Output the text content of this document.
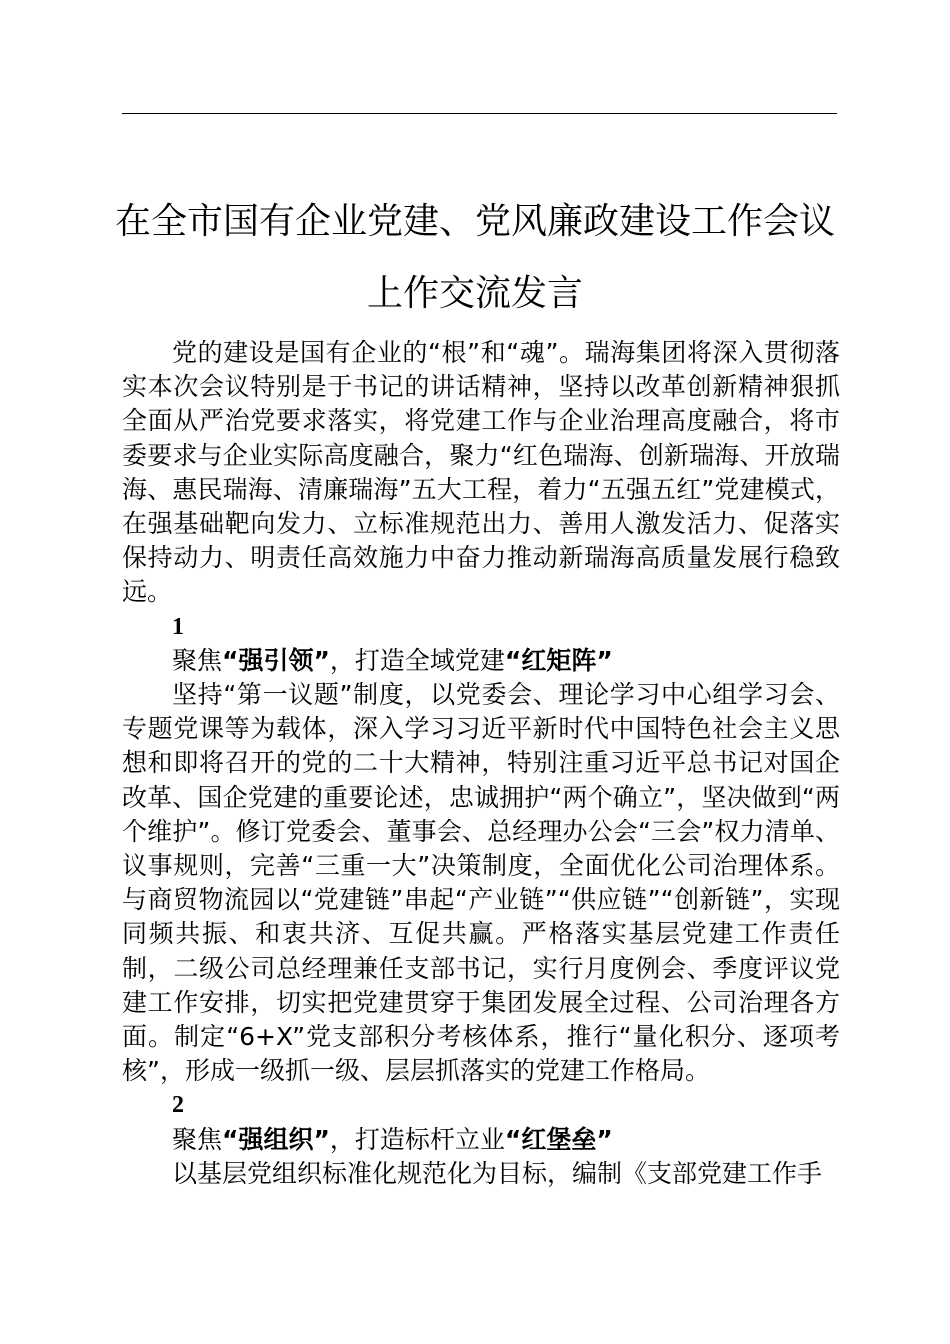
在全市国有企业党建、党风廉政建设工作会议
上作交流发言

党的建设是国有企业的“根”和“魂”。瑞海集团将深入贯彻落实本次会议特别是于书记的讲话精神，坚持以改革创新精神狠抓全面从严治党要求落实，将党建工作与企业治理高度融合，将市委要求与企业实际高度融合，聚力“红色瑞海、创新瑞海、开放瑞海、惠民瑞海、清廉瑞海”五大工程，着力“五强五红”党建模式，在强基础靶向发力、立标准规范出力、善用人激发活力、促落实保持动力、明责任高效施力中奋力推动新瑞海高质量发展行稳致远。

1

聚焦“强引领”，打造全域党建“红矩阵”

坚持“第一议题”制度，以党委会、理论学习中心组学习会、专题党课等为载体，深入学习习近平新时代中国特色社会主义思想和即将召开的党的二十大精神，特别注重习近平总书记对国企改革、国企党建的重要论述，忠诚拥护“两个确立”，坚决做到“两个维护”。修订党委会、董事会、总经理办公会“三会”权力清单、议事规则，完善“三重一大”决策制度，全面优化公司治理体系。与商贸物流园以“党建链”串起“产业链”“供应链”“创新链”，实现同频共振、和衷共济、互促共赢。严格落实基层党建工作责任制，二级公司总经理兼任支部书记，实行月度例会、季度评议党建工作安排，切实把党建贯穿于集团发展全过程、公司治理各方面。制定“6+X”党支部积分考核体系，推行“量化积分、逐项考核”，形成一级抓一级、层层抓落实的党建工作格局。

2

聚焦“强组织”，打造标杆立业“红堡垒”

以基层党组织标准化规范化为目标，编制《支部党建工作手
